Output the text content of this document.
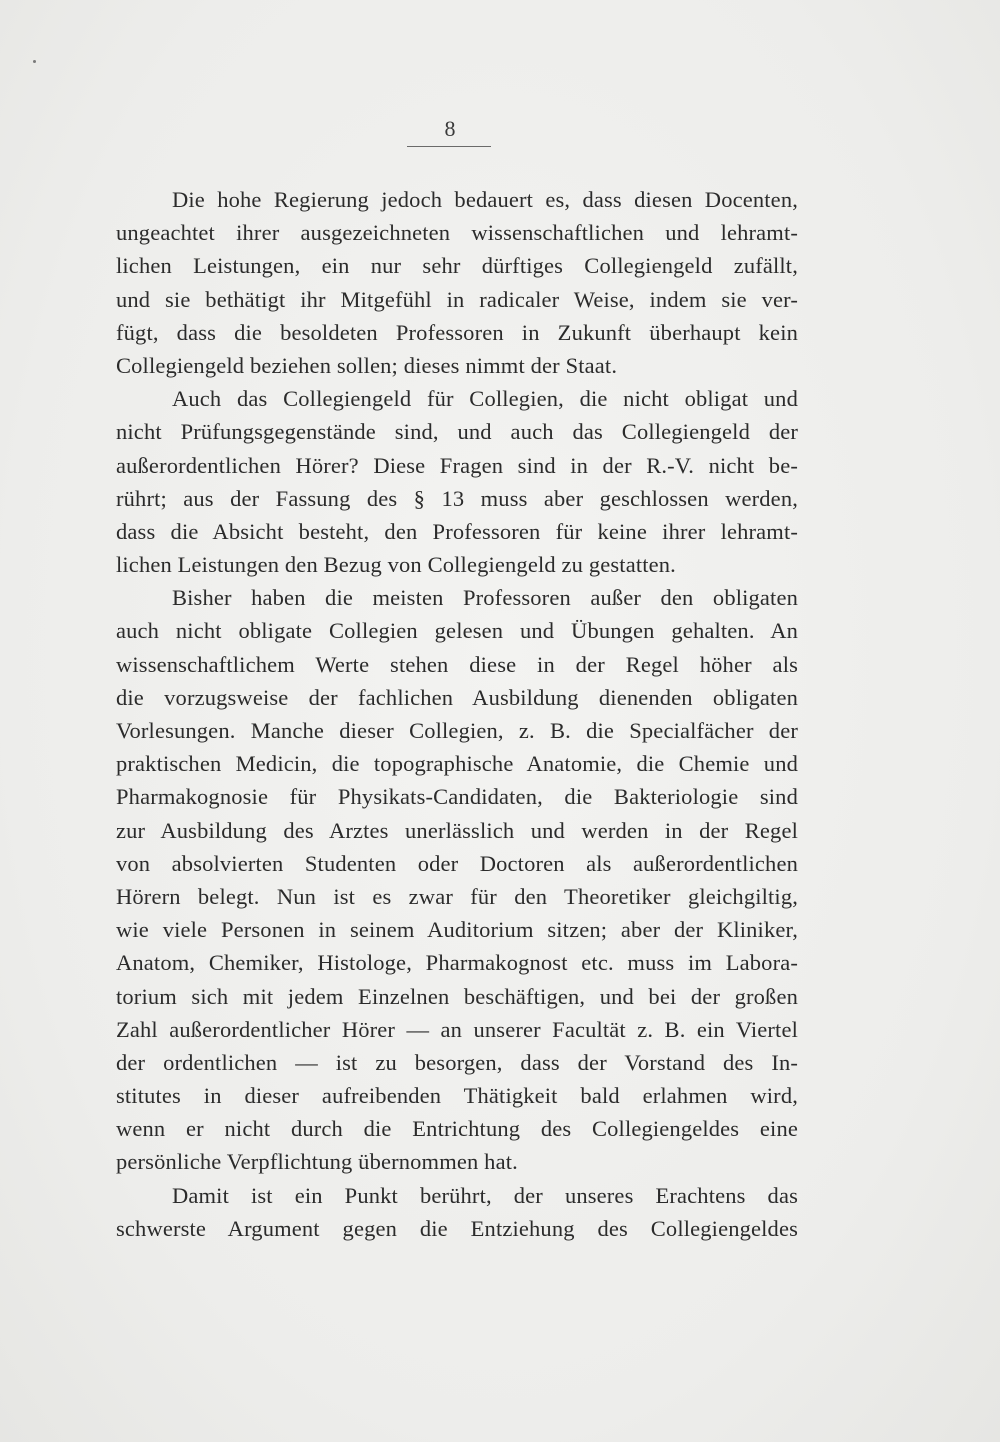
8
Die hohe Regierung jedoch bedauert es, dass diesen Docenten,
ungeachtet ihrer ausgezeichneten wissenschaftlichen und lehramt-
lichen Leistungen, ein nur sehr dürftiges Collegiengeld zufällt,
und sie bethätigt ihr Mitgefühl in radicaler Weise, indem sie ver-
fügt, dass die besoldeten Professoren in Zukunft überhaupt kein
Collegiengeld beziehen sollen; dieses nimmt der Staat.
Auch das Collegiengeld für Collegien, die nicht obligat und
nicht Prüfungsgegenstände sind, und auch das Collegiengeld der
außerordentlichen Hörer? Diese Fragen sind in der R.-V. nicht be-
rührt; aus der Fassung des § 13 muss aber geschlossen werden,
dass die Absicht besteht, den Professoren für keine ihrer lehramt-
lichen Leistungen den Bezug von Collegiengeld zu gestatten.
Bisher haben die meisten Professoren außer den obligaten
auch nicht obligate Collegien gelesen und Übungen gehalten. An
wissenschaftlichem Werte stehen diese in der Regel höher als
die vorzugsweise der fachlichen Ausbildung dienenden obligaten
Vorlesungen. Manche dieser Collegien, z. B. die Specialfächer der
praktischen Medicin, die topographische Anatomie, die Chemie und
Pharmakognosie für Physikats-Candidaten, die Bakteriologie sind
zur Ausbildung des Arztes unerlässlich und werden in der Regel
von absolvierten Studenten oder Doctoren als außerordentlichen
Hörern belegt. Nun ist es zwar für den Theoretiker gleichgiltig,
wie viele Personen in seinem Auditorium sitzen; aber der Kliniker,
Anatom, Chemiker, Histologe, Pharmakognost etc. muss im Labora-
torium sich mit jedem Einzelnen beschäftigen, und bei der großen
Zahl außerordentlicher Hörer — an unserer Facultät z. B. ein Viertel
der ordentlichen — ist zu besorgen, dass der Vorstand des In-
stitutes in dieser aufreibenden Thätigkeit bald erlahmen wird,
wenn er nicht durch die Entrichtung des Collegiengeldes eine
persönliche Verpflichtung übernommen hat.
Damit ist ein Punkt berührt, der unseres Erachtens das
schwerste Argument gegen die Entziehung des Collegiengeldes
